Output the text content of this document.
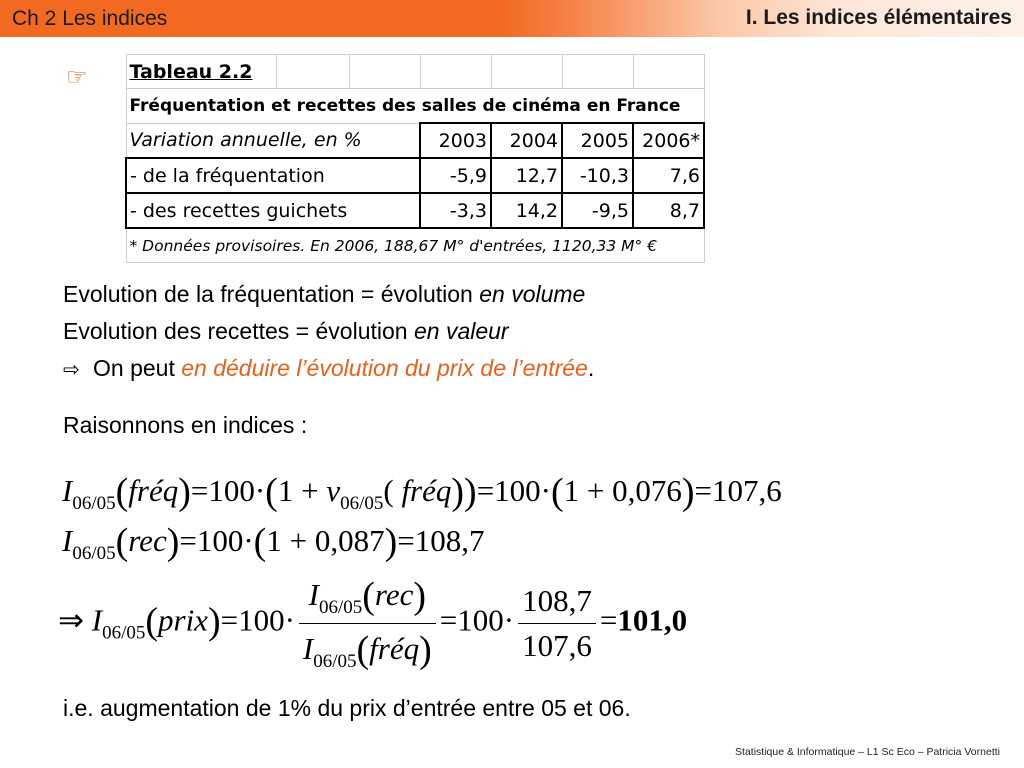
Ch 2 Les indices	I. Les indices élémentaires
☞ Tableau 2.2						
Fréquentation et recettes des salles de cinéma en France						
Variation annuelle, en %			2003	2004	2005	2006*
- de la fréquentation			-5,9	12,7	-10,3	7,6
- des recettes guichets			-3,3	14,2	-9,5	8,7
* Données provisoires. En 2006, 188,67 M° d'entrées, 1120,33 M° €						
Evolution de la fréquentation = évolution en volume
Evolution des recettes = évolution en valeur
⇨ On peut en déduire l’évolution du prix de l’entrée.
Raisonnons en indices :
$I_{06/05}(fréq)=100\cdot(1 + v_{06/05}$( fréq))=100·(1 + 0,076)=107,6
$I_{06/05}(rec)=100\cdot(1 + 0,087)=108,7$
⇒ $I_{06/05}(prix)=100\cdot \frac{I_{06/05}(rec)}{I_{06/05}(fréq)} =100\cdot \frac{108,7}{107,6} =101,0$
i.e. augmentation de 1% du prix d’entrée entre 05 et 06.
Statistique & Informatique – L1 Sc Eco – Patricia Vornetti
